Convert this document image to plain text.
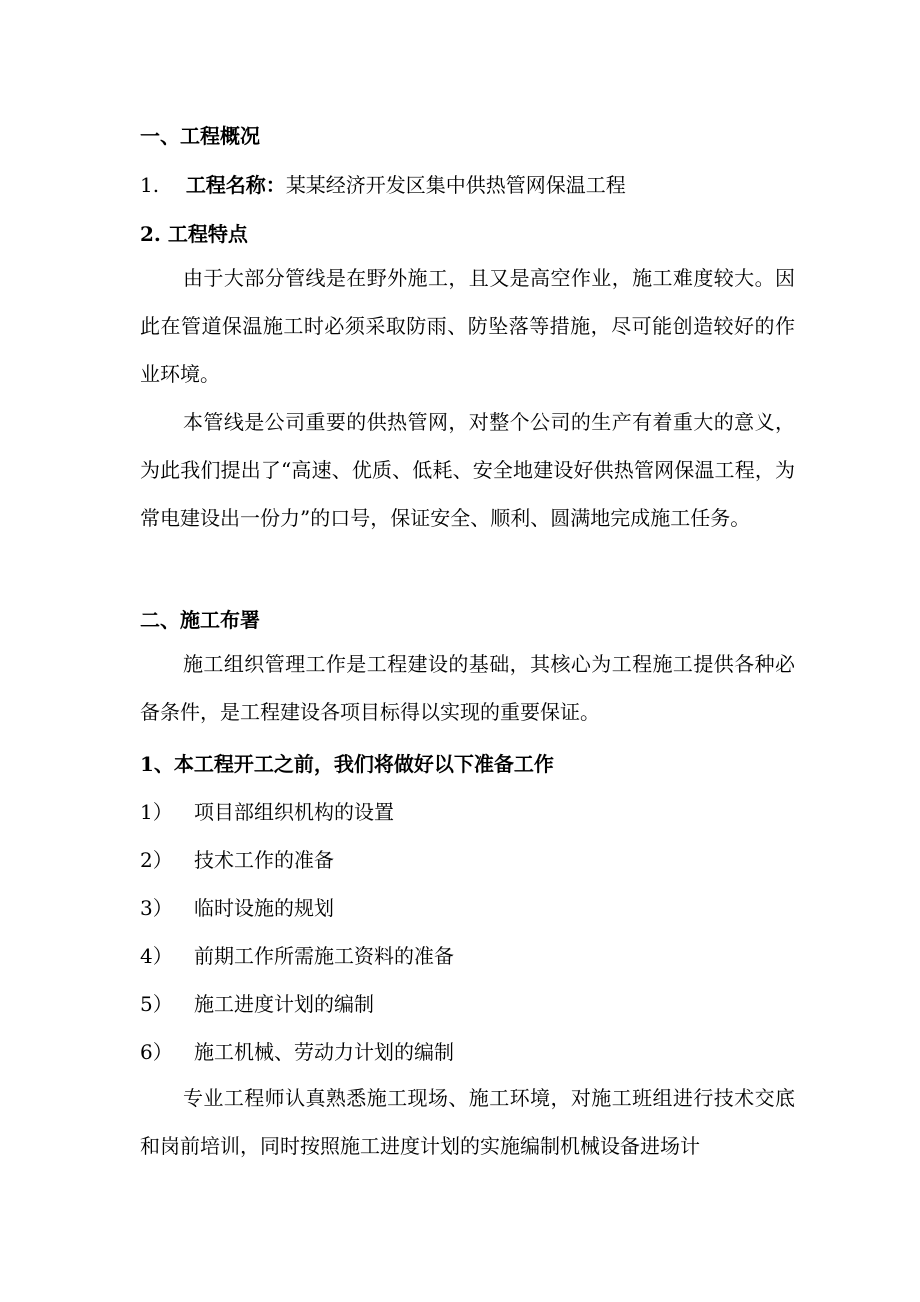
一、工程概况
1. 工程名称：某某经济开发区集中供热管网保温工程
2. 工程特点
由于大部分管线是在野外施工，且又是高空作业，施工难度较大。因此在管道保温施工时必须采取防雨、防坠落等措施，尽可能创造较好的作业环境。
本管线是公司重要的供热管网，对整个公司的生产有着重大的意义，为此我们提出了“高速、优质、低耗、安全地建设好供热管网保温工程，为常电建设出一份力”的口号，保证安全、顺利、圆满地完成施工任务。
二、施工布署
施工组织管理工作是工程建设的基础，其核心为工程施工提供各种必备条件，是工程建设各项目标得以实现的重要保证。
1、本工程开工之前，我们将做好以下准备工作
1） 项目部组织机构的设置
2） 技术工作的准备
3） 临时设施的规划
4） 前期工作所需施工资料的准备
5） 施工进度计划的编制
6） 施工机械、劳动力计划的编制
专业工程师认真熟悉施工现场、施工环境，对施工班组进行技术交底和岗前培训，同时按照施工进度计划的实施编制机械设备进场计
